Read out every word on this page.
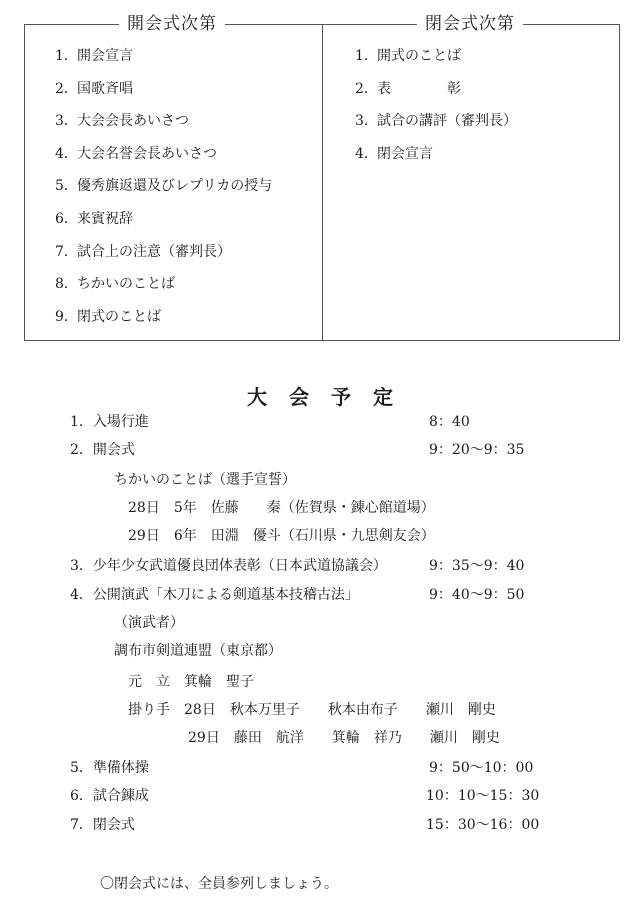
開会式次第
1．開会宣言
2．国歌斉唱
3．大会会長あいさつ
4．大会名誉会長あいさつ
5．優秀旗返還及びレプリカの授与
6．来賓祝辞
7．試合上の注意（審判長）
8．ちかいのことば
9．閉式のことば
閉会式次第
1．開式のことば
2．表　　　　彰
3．試合の講評（審判長）
4．閉会宣言
大会予定
1．入場行進	8：40
2．開会式	9：20～9：35
ちかいのことば（選手宣誓）
28日　5年　佐藤　　秦（佐賀県・錬心館道場）
29日　6年　田淵　優斗（石川県・九思剣友会）
3．少年少女武道優良団体表彰（日本武道協議会）	9：35～9：40
4．公開演武「木刀による剣道基本技稽古法」	9：40～9：50
（演武者）
調布市剣道連盟（東京都）
元　立　箕輪　聖子
掛り手　28日　秋本万里子　　秋本由布子　　瀬川　剛史
29日　藤田　航洋　　箕輪　祥乃　　瀬川　剛史
5．準備体操	9：50～10：00
6．試合錬成	10：10～15：30
7．閉会式	15：30～16：00
〇閉会式には、全員参列しましょう。
